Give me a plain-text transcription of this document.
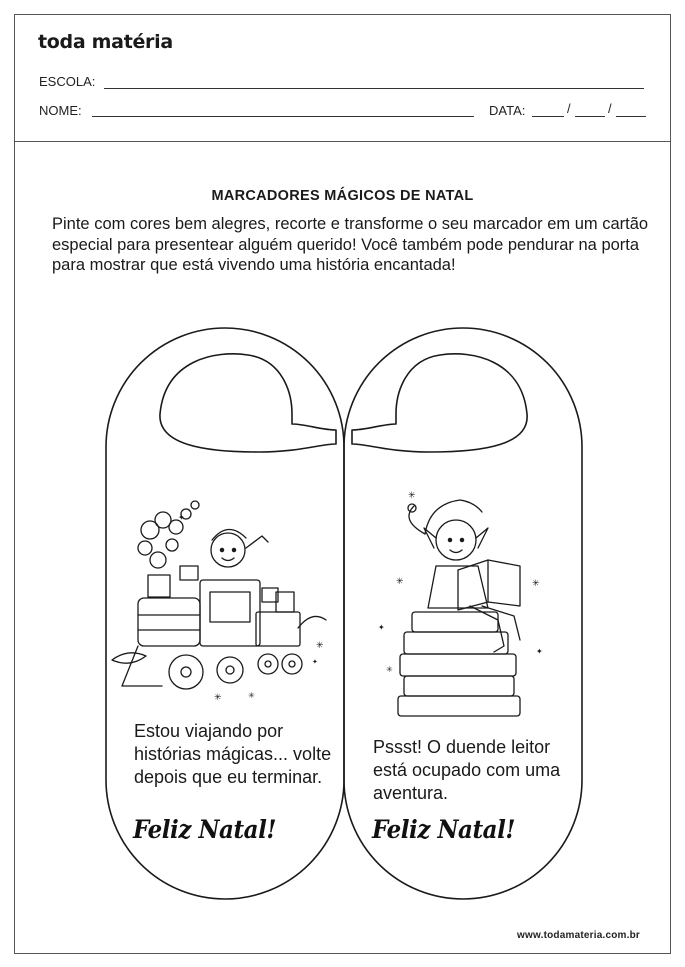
toda matéria
ESCOLA:
NOME:	DATA:	/	/
MARCADORES MÁGICOS DE NATAL
Pinte com cores bem alegres, recorte e transforme o seu marcador em um cartão especial para presentear alguém querido! Você também pode pendurar na porta para mostrar que está vivendo uma história encantada!
✳
✳	✳
✦
✦
✳
✳	✳
✦
✳
✦
Estou viajando por histórias mágicas... volte depois que eu terminar.
Feliz Natal!
Pssst! O duende leitor está ocupado com uma aventura.
Feliz Natal!
www.todamateria.com.br
